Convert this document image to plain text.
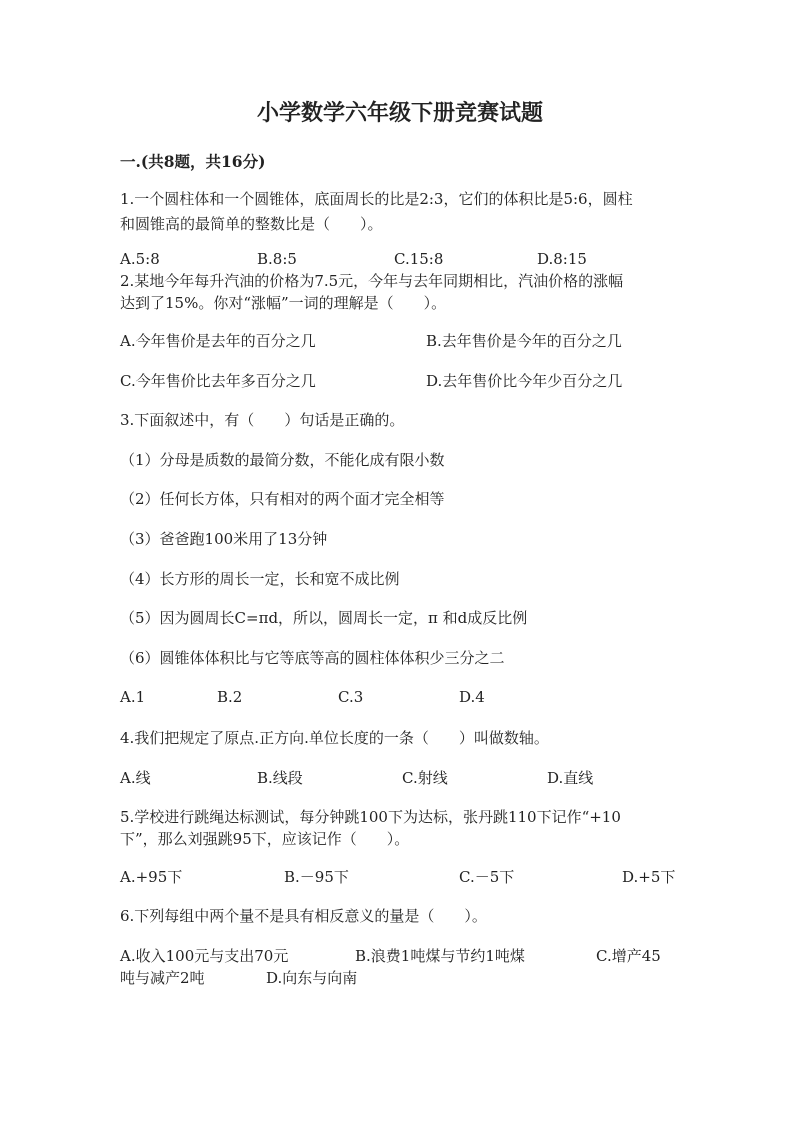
小学数学六年级下册竞赛试题
一.(共8题，共16分)
1.一个圆柱体和一个圆锥体，底面周长的比是2:3，它们的体积比是5:6，圆柱
和圆锥高的最简单的整数比是（　　）。
A.5:8	B.8:5	C.15:8	D.8:15
2.某地今年每升汽油的价格为7.5元，今年与去年同期相比，汽油价格的涨幅
达到了15%。你对“涨幅”一词的理解是（　　）。
A.今年售价是去年的百分之几	B.去年售价是今年的百分之几
C.今年售价比去年多百分之几	D.去年售价比今年少百分之几
3.下面叙述中，有（　　）句话是正确的。
（1）分母是质数的最简分数，不能化成有限小数
（2）任何长方体，只有相对的两个面才完全相等
（3）爸爸跑100米用了13分钟
（4）长方形的周长一定，长和宽不成比例
（5）因为圆周长C=πd，所以，圆周长一定，π 和d成反比例
（6）圆锥体体积比与它等底等高的圆柱体体积少三分之二
A.1	B.2	C.3	D.4
4.我们把规定了原点.正方向.单位长度的一条（　　）叫做数轴。
A.线	B.线段	C.射线	D.直线
5.学校进行跳绳达标测试，每分钟跳100下为达标，张丹跳110下记作“+10
下”，那么刘强跳95下，应该记作（　　）。
A.+95下	B.－95下	C.－5下	D.+5下
6.下列每组中两个量不是具有相反意义的量是（　　）。
A.收入100元与支出70元	B.浪费1吨煤与节约1吨煤	C.增产45
吨与减产2吨	D.向东与向南
